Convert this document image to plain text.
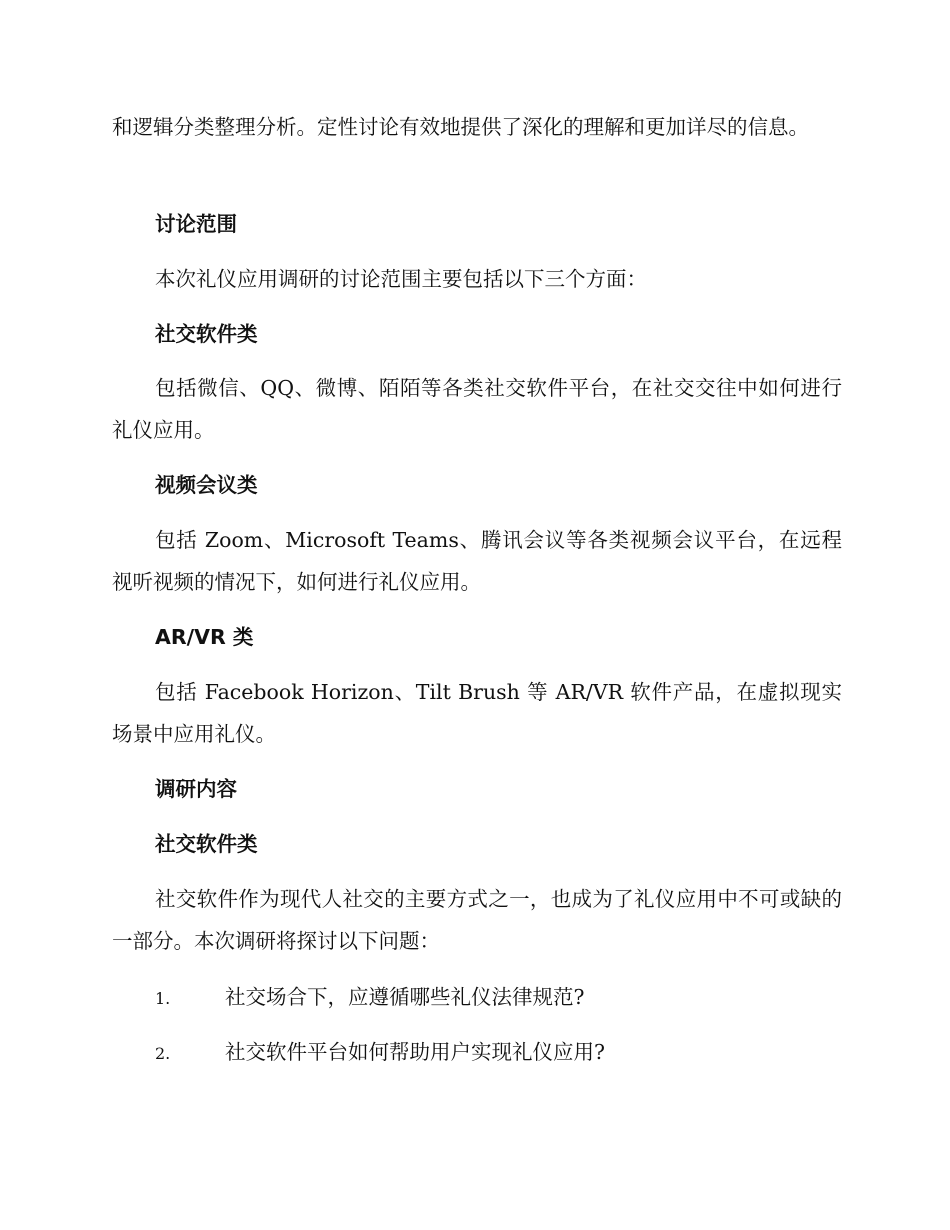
和逻辑分类整理分析。定性讨论有效地提供了深化的理解和更加详尽的信息。

讨论范围

本次礼仪应用调研的讨论范围主要包括以下三个方面：

社交软件类

包括微信、QQ、微博、陌陌等各类社交软件平台，在社交交往中如何进行礼仪应用。

视频会议类

包括 Zoom、Microsoft Teams、腾讯会议等各类视频会议平台，在远程视听视频的情况下，如何进行礼仪应用。

AR/VR 类

包括 Facebook Horizon、Tilt Brush 等 AR/VR 软件产品，在虚拟现实场景中应用礼仪。

调研内容
社交软件类

社交软件作为现代人社交的主要方式之一，也成为了礼仪应用中不可或缺的一部分。本次调研将探讨以下问题：

1.	社交场合下，应遵循哪些礼仪法律规范?

2.	社交软件平台如何帮助用户实现礼仪应用?
